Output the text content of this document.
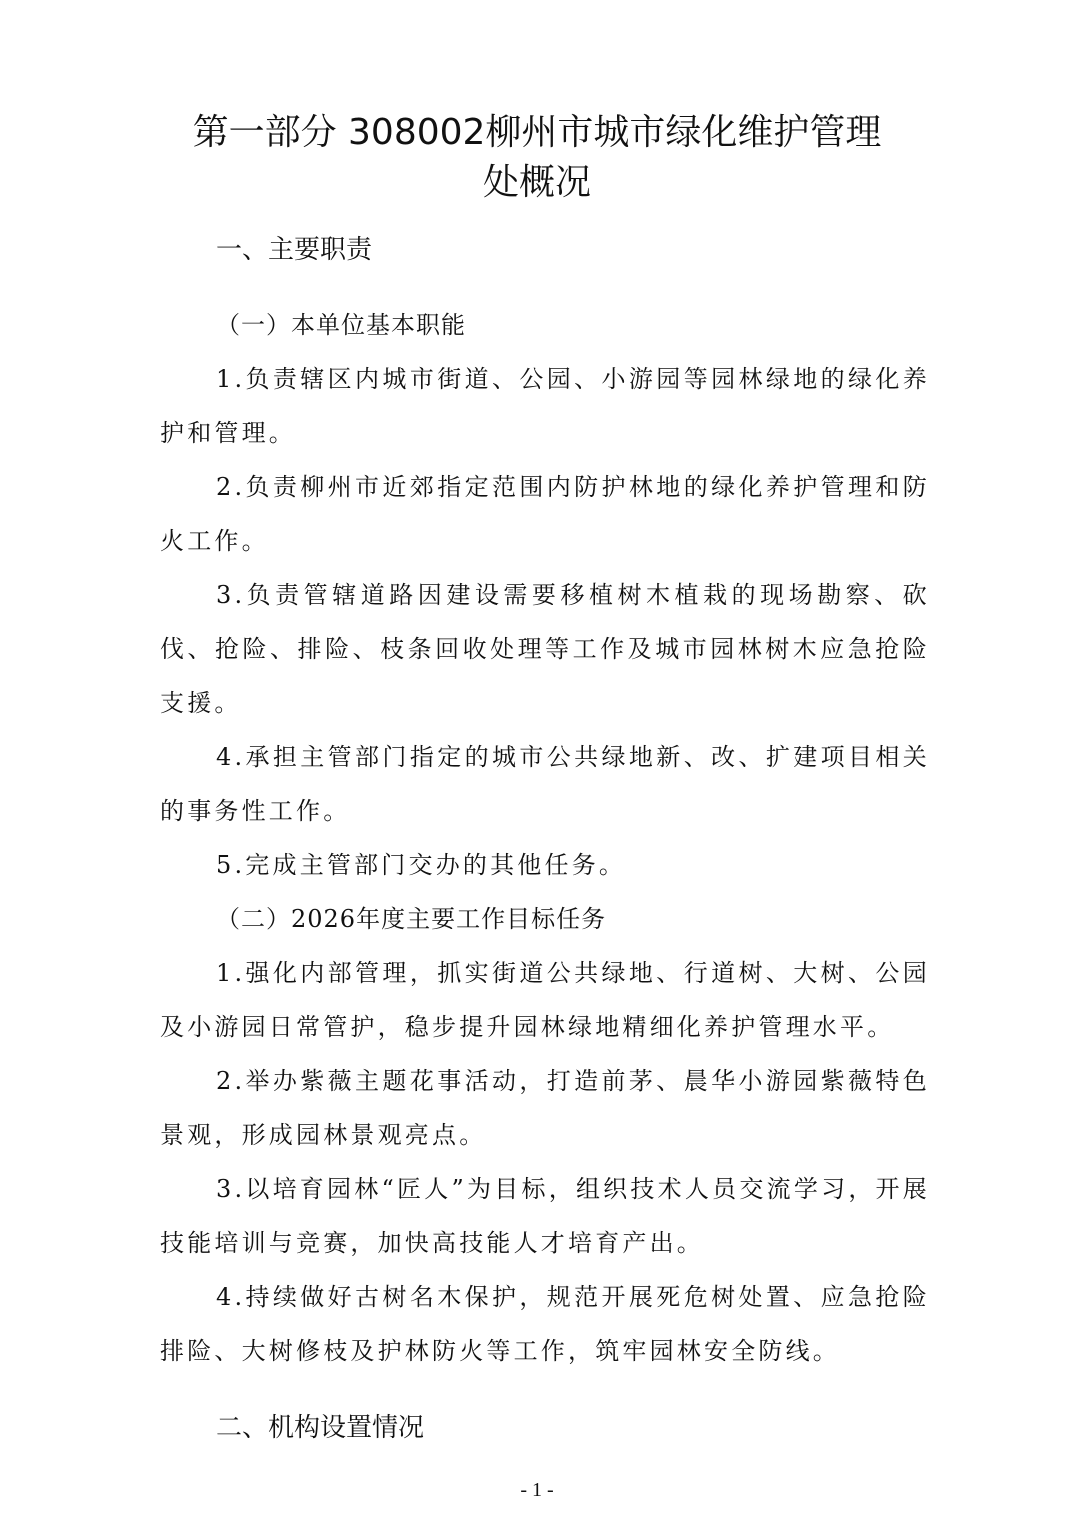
第一部分 308002柳州市城市绿化维护管理
处概况
一、主要职责

（一）本单位基本职能

1.负责辖区内城市街道、公园、小游园等园林绿地的绿化养护和管理。

2.负责柳州市近郊指定范围内防护林地的绿化养护管理和防火工作。

3.负责管辖道路因建设需要移植树木植栽的现场勘察、砍伐、抢险、排险、枝条回收处理等工作及城市园林树木应急抢险支援。

4.承担主管部门指定的城市公共绿地新、改、扩建项目相关的事务性工作。

5.完成主管部门交办的其他任务。

（二）2026年度主要工作目标任务

1.强化内部管理，抓实街道公共绿地、行道树、大树、公园及小游园日常管护，稳步提升园林绿地精细化养护管理水平。

2.举办紫薇主题花事活动，打造前茅、晨华小游园紫薇特色景观，形成园林景观亮点。

3.以培育园林“匠人”为目标，组织技术人员交流学习，开展技能培训与竞赛，加快高技能人才培育产出。

4.持续做好古树名木保护，规范开展死危树处置、应急抢险排险、大树修枝及护林防火等工作，筑牢园林安全防线。

二、机构设置情况
- 1 -
